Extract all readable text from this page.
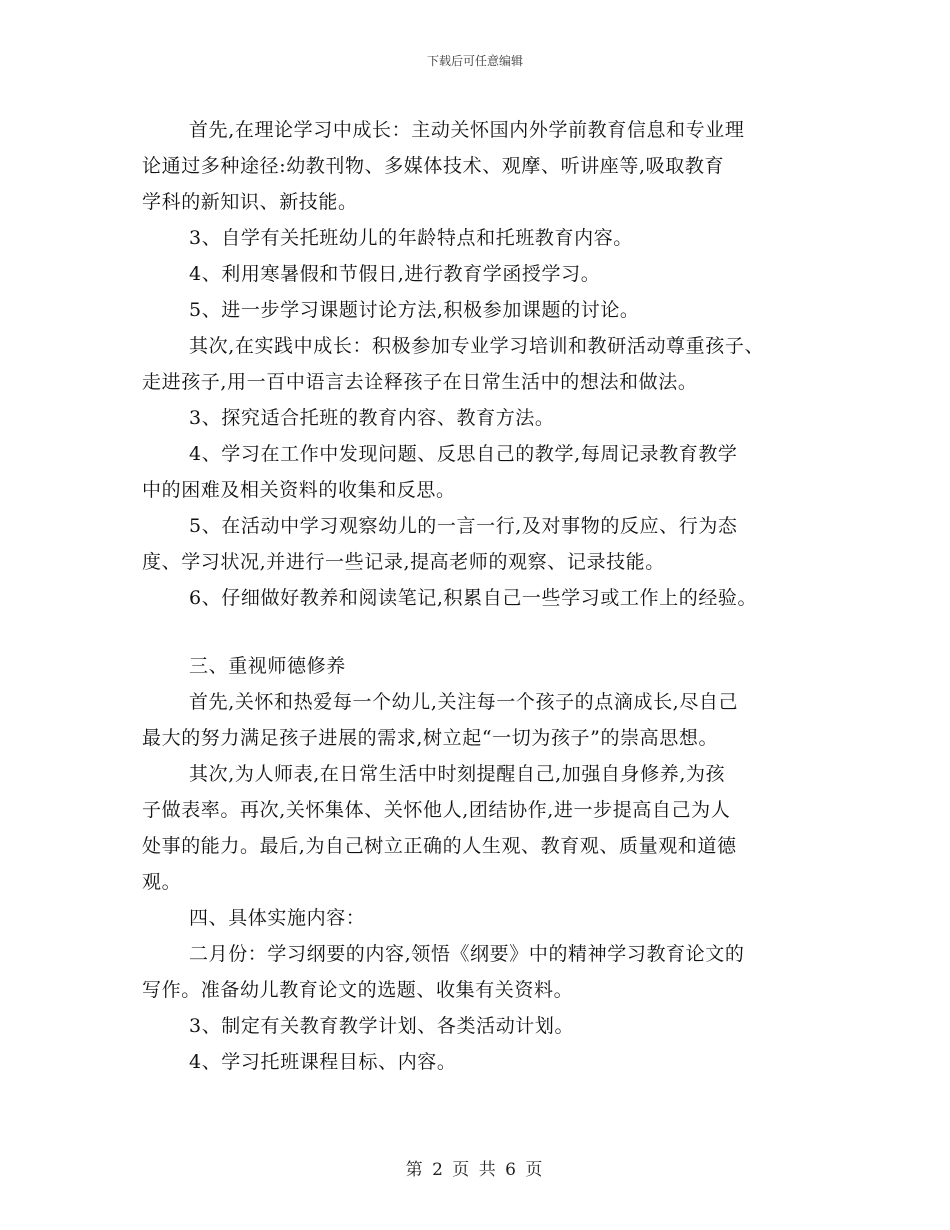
下载后可任意编辑
首先,在理论学习中成长：主动关怀国内外学前教育信息和专业理
论通过多种途径:幼教刊物、多媒体技术、观摩、听讲座等,吸取教育
学科的新知识、新技能。
3、自学有关托班幼儿的年龄特点和托班教育内容。
4、利用寒暑假和节假日,进行教育学函授学习。
5、进一步学习课题讨论方法,积极参加课题的讨论。
其次,在实践中成长：积极参加专业学习培训和教研活动尊重孩子、
走进孩子,用一百中语言去诠释孩子在日常生活中的想法和做法。
3、探究适合托班的教育内容、教育方法。
4、学习在工作中发现问题、反思自己的教学,每周记录教育教学
中的困难及相关资料的收集和反思。
5、在活动中学习观察幼儿的一言一行,及对事物的反应、行为态
度、学习状况,并进行一些记录,提高老师的观察、记录技能。
6、仔细做好教养和阅读笔记,积累自己一些学习或工作上的经验。
三、重视师德修养
首先,关怀和热爱每一个幼儿,关注每一个孩子的点滴成长,尽自己
最大的努力满足孩子进展的需求,树立起“一切为孩子”的崇高思想。
其次,为人师表,在日常生活中时刻提醒自己,加强自身修养,为孩
子做表率。再次,关怀集体、关怀他人,团结协作,进一步提高自己为人
处事的能力。最后,为自己树立正确的人生观、教育观、质量观和道德
观。
四、具体实施内容：
二月份：学习纲要的内容,领悟《纲要》中的精神学习教育论文的
写作。准备幼儿教育论文的选题、收集有关资料。
3、制定有关教育教学计划、各类活动计划。
4、学习托班课程目标、内容。
第 2 页 共 6 页
